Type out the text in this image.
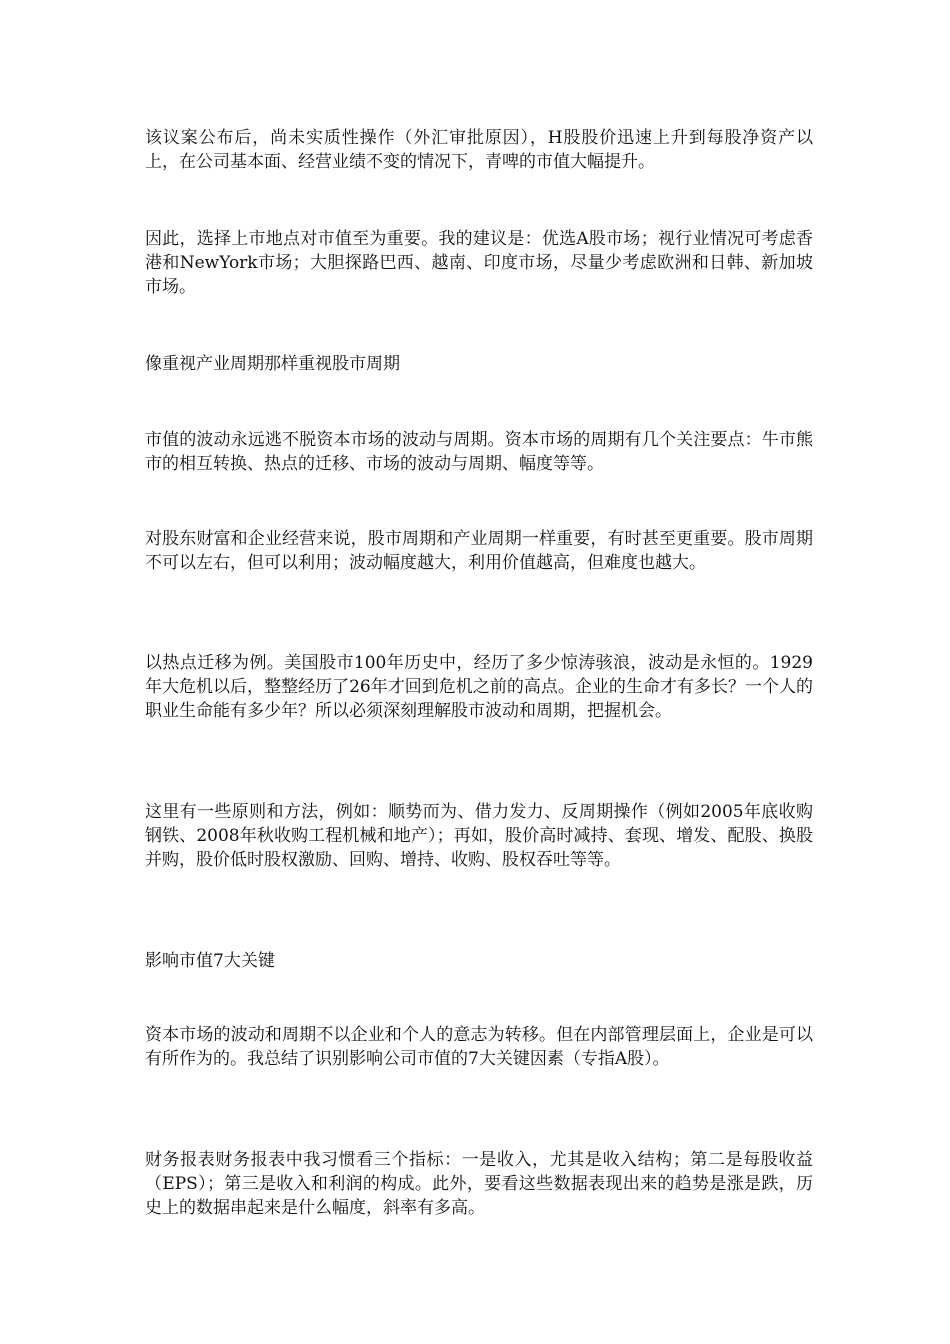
该议案公布后，尚未实质性操作（外汇审批原因），H股股价迅速上升到每股净资产以上，在公司基本面、经营业绩不变的情况下，青啤的市值大幅提升。

因此，选择上市地点对市值至为重要。我的建议是：优选A股市场；视行业情况可考虑香港和NewYork市场；大胆探路巴西、越南、印度市场，尽量少考虑欧洲和日韩、新加坡市场。

像重视产业周期那样重视股市周期

市值的波动永远逃不脱资本市场的波动与周期。资本市场的周期有几个关注要点：牛市熊市的相互转换、热点的迁移、市场的波动与周期、幅度等等。

对股东财富和企业经营来说，股市周期和产业周期一样重要，有时甚至更重要。股市周期不可以左右，但可以利用；波动幅度越大，利用价值越高，但难度也越大。

以热点迁移为例。美国股市100年历史中，经历了多少惊涛骇浪，波动是永恒的。1929年大危机以后，整整经历了26年才回到危机之前的高点。企业的生命才有多长？一个人的职业生命能有多少年？所以必须深刻理解股市波动和周期，把握机会。

这里有一些原则和方法，例如：顺势而为、借力发力、反周期操作（例如2005年底收购钢铁、2008年秋收购工程机械和地产）；再如，股价高时减持、套现、增发、配股、换股并购，股价低时股权激励、回购、增持、收购、股权吞吐等等。

影响市值7大关键

资本市场的波动和周期不以企业和个人的意志为转移。但在内部管理层面上，企业是可以有所作为的。我总结了识别影响公司市值的7大关键因素（专指A股）。

财务报表财务报表中我习惯看三个指标：一是收入，尤其是收入结构；第二是每股收益（EPS）；第三是收入和利润的构成。此外，要看这些数据表现出来的趋势是涨是跌，历史上的数据串起来是什么幅度，斜率有多高。
